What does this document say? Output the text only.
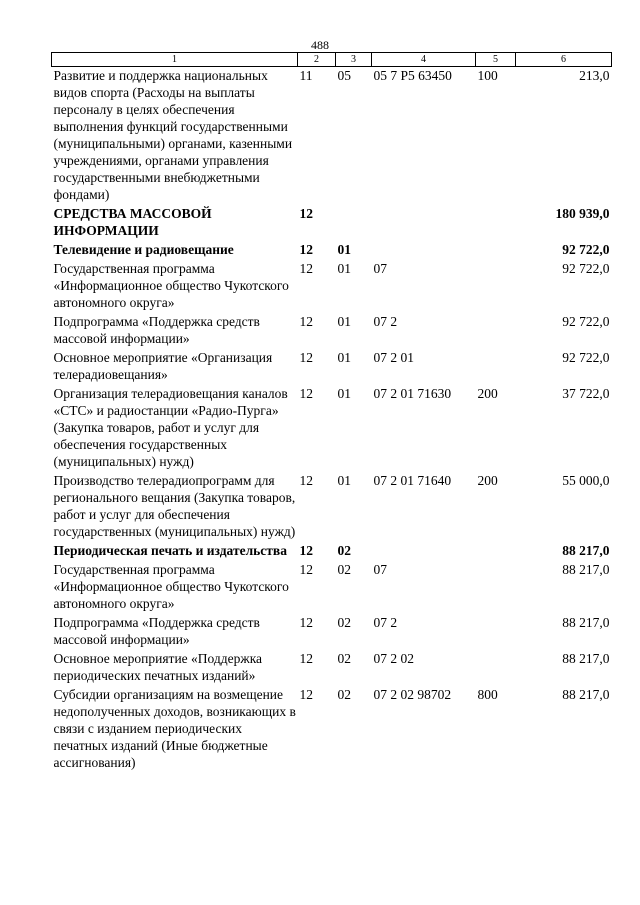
488
1	2	3	4	5	6
Развитие и поддержка национальных видов спорта (Расходы на выплаты персоналу в целях обеспечения выполнения функций государственными (муниципальными) органами, казенными учреждениями, органами управления государственными внебюджетными фондами)	11	05	05 7 P5 63450	100	213,0
СРЕДСТВА МАССОВОЙ ИНФОРМАЦИИ	12				180 939,0
Телевидение и радиовещание	12	01			92 722,0
Государственная программа «Информационное общество Чукотского автономного округа»	12	01	07		92 722,0
Подпрограмма «Поддержка средств массовой информации»	12	01	07 2		92 722,0
Основное мероприятие «Организация телерадиовещания»	12	01	07 2 01		92 722,0
Организация телерадиовещания каналов «СТС» и радиостанции «Радио-Пурга» (Закупка товаров, работ и услуг для обеспечения государственных (муниципальных) нужд)	12	01	07 2 01 71630	200	37 722,0
Производство телерадиопрограмм для регионального вещания (Закупка товаров, работ и услуг для обеспечения государственных (муниципальных) нужд)	12	01	07 2 01 71640	200	55 000,0
Периодическая печать и издательства	12	02			88 217,0
Государственная программа «Информационное общество Чукотского автономного округа»	12	02	07		88 217,0
Подпрограмма «Поддержка средств массовой информации»	12	02	07 2		88 217,0
Основное мероприятие «Поддержка периодических печатных изданий»	12	02	07 2 02		88 217,0
Субсидии организациям на возмещение недополученных доходов, возникающих в связи с изданием периодических печатных изданий (Иные бюджетные ассигнования)	12	02	07 2 02 98702	800	88 217,0
